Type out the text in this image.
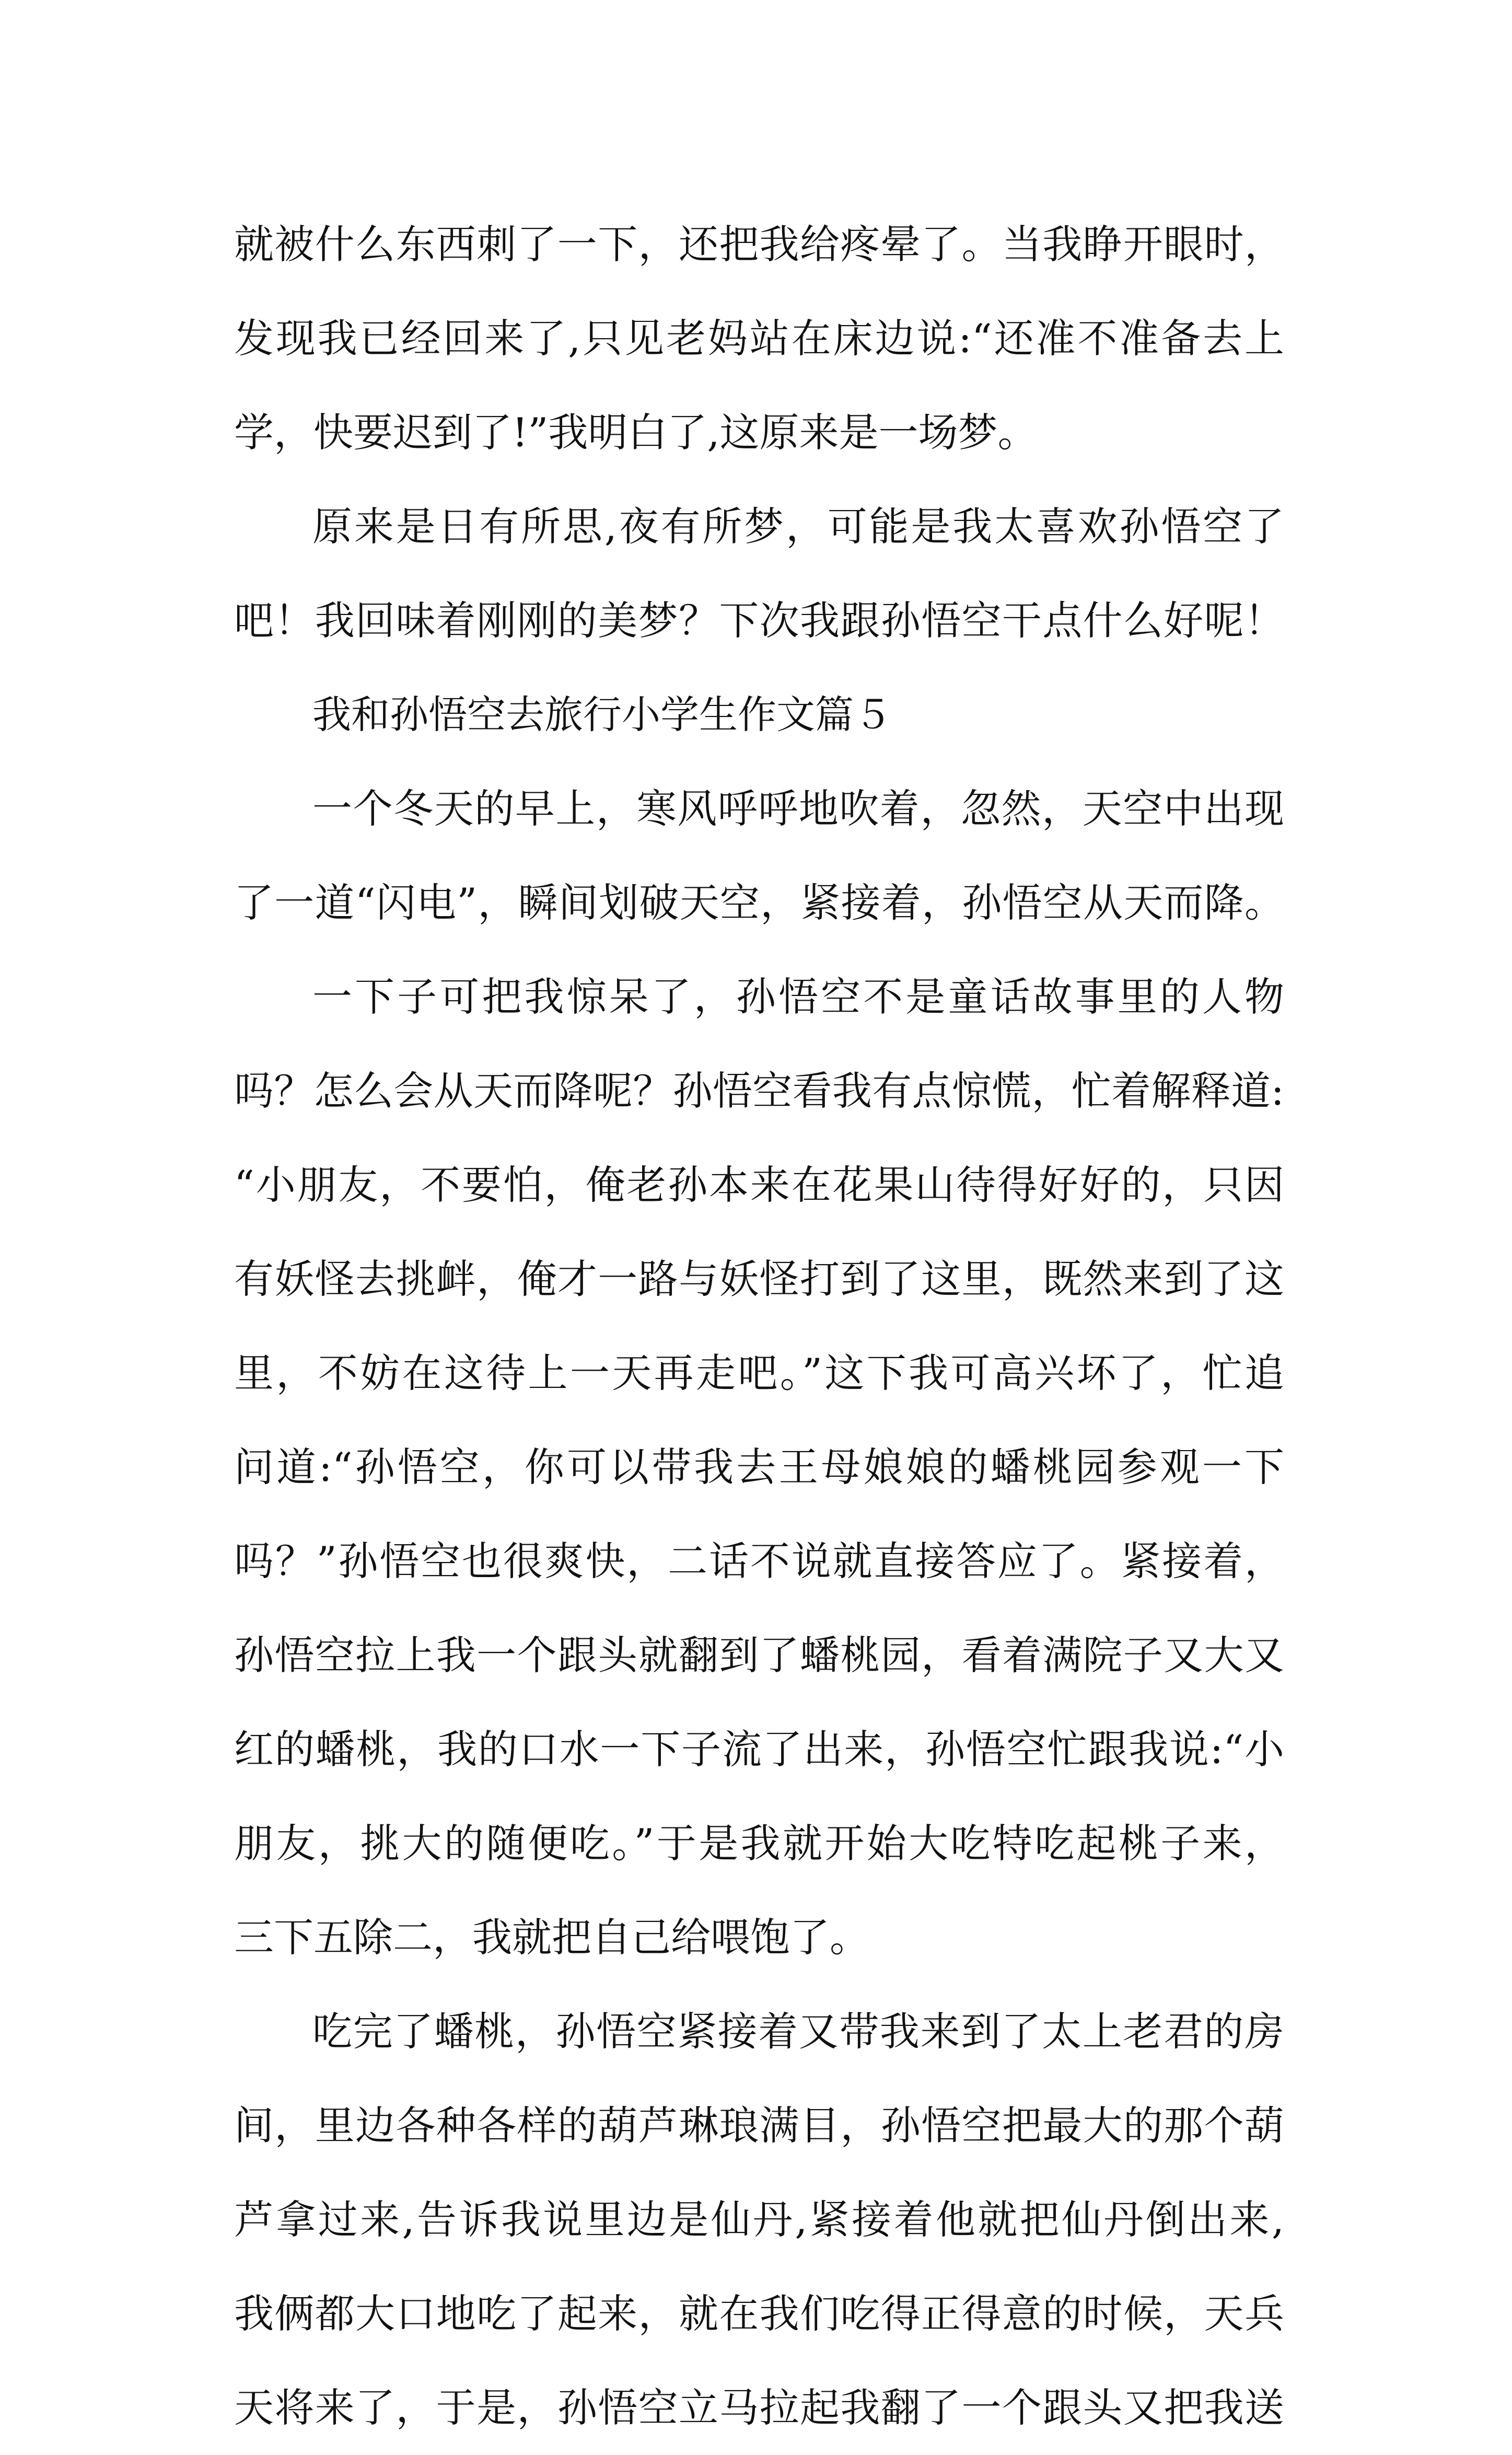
就被什么东西刺了一下，还把我给疼晕了。当我睁开眼时，
发现我已经回来了,只见老妈站在床边说:“还准不准备去上
学，快要迟到了!”我明白了,这原来是一场梦。
原来是日有所思,夜有所梦，可能是我太喜欢孙悟空了
吧！我回味着刚刚的美梦？下次我跟孙悟空干点什么好呢！
我和孙悟空去旅行小学生作文篇５
一个冬天的早上，寒风呼呼地吹着，忽然，天空中出现
了一道“闪电”，瞬间划破天空，紧接着，孙悟空从天而降。
一下子可把我惊呆了，孙悟空不是童话故事里的人物
吗？怎么会从天而降呢？孙悟空看我有点惊慌，忙着解释道:
“小朋友，不要怕，俺老孙本来在花果山待得好好的，只因
有妖怪去挑衅，俺才一路与妖怪打到了这里，既然来到了这
里，不妨在这待上一天再走吧。”这下我可高兴坏了，忙追
问道:“孙悟空，你可以带我去王母娘娘的蟠桃园参观一下
吗？”孙悟空也很爽快，二话不说就直接答应了。紧接着，
孙悟空拉上我一个跟头就翻到了蟠桃园，看着满院子又大又
红的蟠桃，我的口水一下子流了出来，孙悟空忙跟我说:“小
朋友，挑大的随便吃。”于是我就开始大吃特吃起桃子来，
三下五除二，我就把自己给喂饱了。
吃完了蟠桃，孙悟空紧接着又带我来到了太上老君的房
间，里边各种各样的葫芦琳琅满目，孙悟空把最大的那个葫
芦拿过来,告诉我说里边是仙丹,紧接着他就把仙丹倒出来,
我俩都大口地吃了起来，就在我们吃得正得意的时候，天兵
天将来了，于是，孙悟空立马拉起我翻了一个跟头又把我送
